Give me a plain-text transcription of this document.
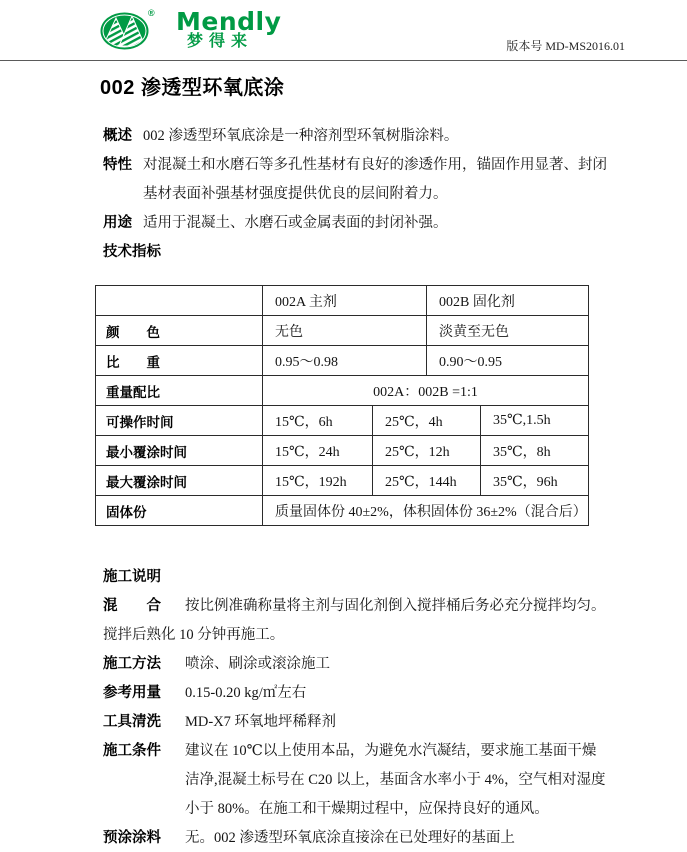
® Mendly
梦得来	版本号 MD-MS2016.01
002 渗透型环氧底涂
概述 002 渗透型环氧底涂是一种溶剂型环氧树脂涂料。
特性 对混凝土和水磨石等多孔性基材有良好的渗透作用，锚固作用显著、封闭
基材表面补强基材强度提供优良的层间附着力。
用途 适用于混凝土、水磨石或金属表面的封闭补强。
技术指标
	002A 主剂		002B 固化剂	
颜　　色	无色		淡黄至无色	
比　　重	0.95～0.98		0.90～0.95	
重量配比	002A：002B =1:1			
可操作时间	15℃，6h	25℃，4h		35℃,1.5h
最小覆涂时间	15℃，24h	25℃，12h		35℃，8h
最大覆涂时间	15℃，192h	25℃，144h		35℃，96h
固体份	质量固体份 40±2%，体积固体份 36±2%（混合后）			
施工说明
混　　合 按比例准确称量将主剂与固化剂倒入搅拌桶后务必充分搅拌均匀。
搅拌后熟化 10 分钟再施工。
施工方法	喷涂、刷涂或滚涂施工
参考用量	0.15-0.20 kg/㎡左右
工具清洗	MD-X7 环氧地坪稀释剂
施工条件	建议在 10℃以上使用本品，为避免水汽凝结，要求施工基面干燥
洁净,混凝土标号在 C20 以上，基面含水率小于 4%，空气相对湿度
小于 80%。在施工和干燥期过程中，应保持良好的通风。
预涂涂料	无。002 渗透型环氧底涂直接涂在已处理好的基面上
